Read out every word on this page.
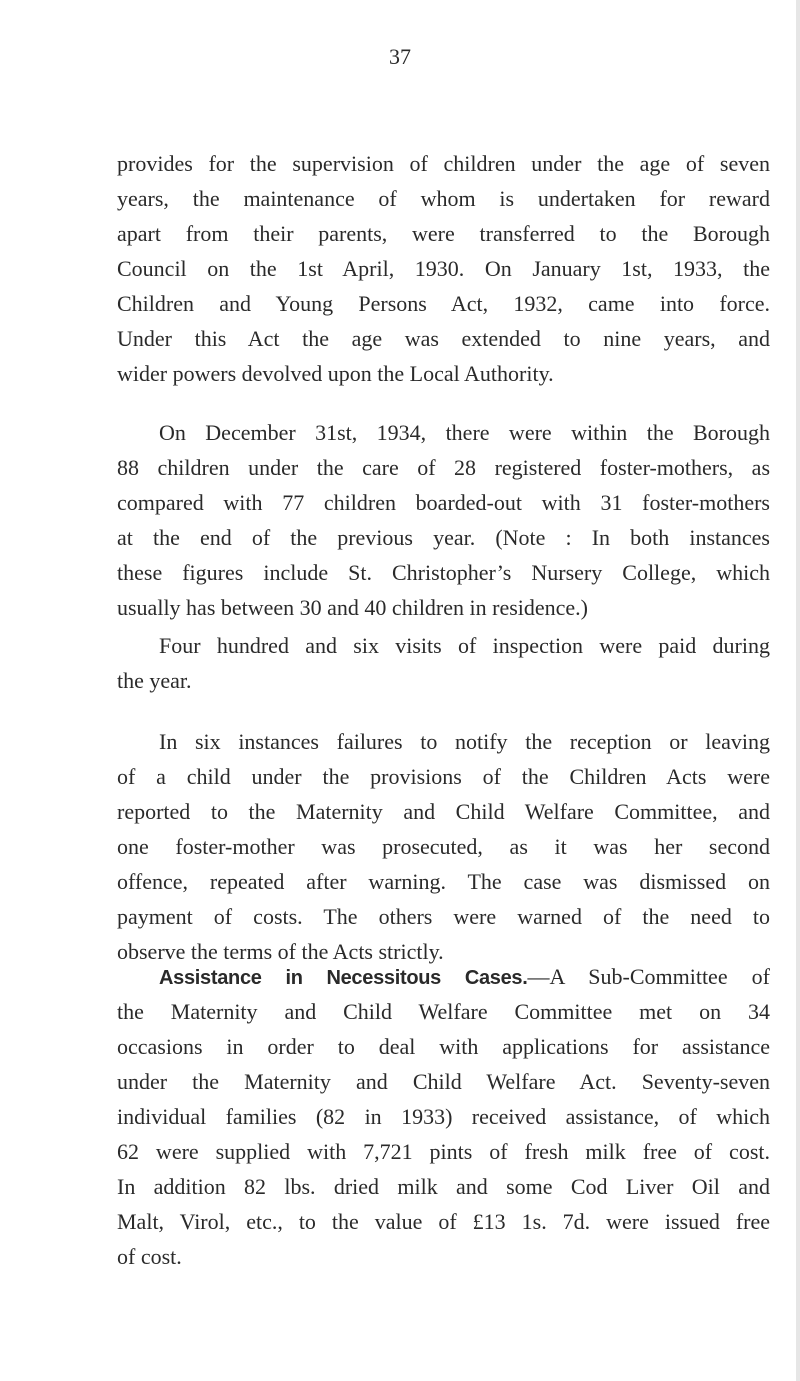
37
provides for the supervision of children under the age of seven
years, the maintenance of whom is undertaken for reward
apart from their parents, were transferred to the Borough
Council on the 1st April, 1930. On January 1st, 1933, the
Children and Young Persons Act, 1932, came into force.
Under this Act the age was extended to nine years, and
wider powers devolved upon the Local Authority.
On December 31st, 1934, there were within the Borough
88 children under the care of 28 registered foster-mothers, as
compared with 77 children boarded-out with 31 foster-mothers
at the end of the previous year. (Note : In both instances
these figures include St. Christopher’s Nursery College, which
usually has between 30 and 40 children in residence.)
Four hundred and six visits of inspection were paid during
the year.
In six instances failures to notify the reception or leaving
of a child under the provisions of the Children Acts were
reported to the Maternity and Child Welfare Committee, and
one foster-mother was prosecuted, as it was her second
offence, repeated after warning. The case was dismissed on
payment of costs. The others were warned of the need to
observe the terms of the Acts strictly.
Assistance in Necessitous Cases.—A Sub-Committee of
the Maternity and Child Welfare Committee met on 34
occasions in order to deal with applications for assistance
under the Maternity and Child Welfare Act. Seventy-seven
individual families (82 in 1933) received assistance, of which
62 were supplied with 7,721 pints of fresh milk free of cost.
In addition 82 lbs. dried milk and some Cod Liver Oil and
Malt, Virol, etc., to the value of £13 1s. 7d. were issued free
of cost.
